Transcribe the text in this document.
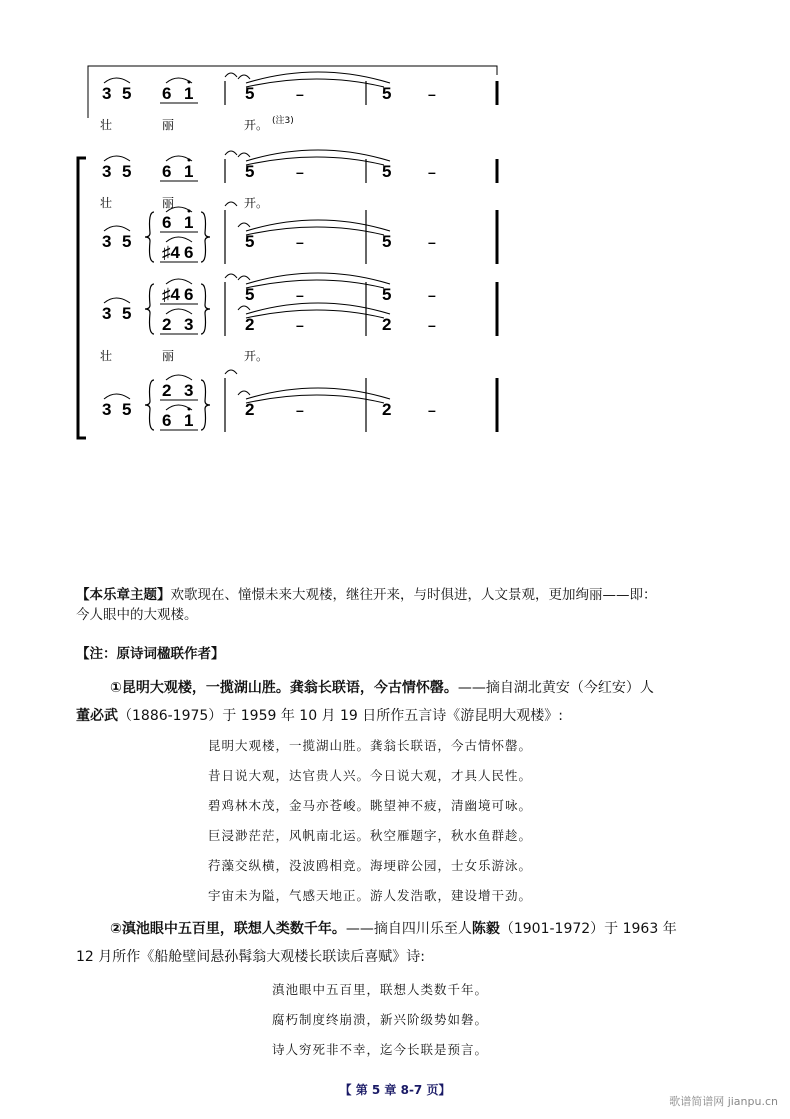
3 5 6 1	5	–	5	–
壮	丽	开。 (注3)
3 5 6 1	5	–	5	–
壮	丽	开。
3 5
6 1
♯4 6
5	–	5	–
3 5
♯4 6
2 3
5	–	5	–
2	–	2	–
壮	丽	开。
3 5
2 3
6 1
2	–	2	–
【本乐章主题】欢歌现在、憧憬未来大观楼，继往开来，与时俱进，人文景观，更加绚丽——即：
今人眼中的大观楼。
【注：原诗词楹联作者】
①昆明大观楼，一揽湖山胜。龚翁长联语，今古情怀罄。——摘自湖北黄安（今红安）人
董必武（1886-1975）于 1959 年 10 月 19 日所作五言诗《游昆明大观楼》:
昆明大观楼，一揽湖山胜。龚翁长联语，今古情怀罄。
昔日说大观，达官贵人兴。今日说大观，才具人民性。
碧鸡林木茂，金马亦苍峻。眺望神不疲，清幽境可咏。
巨浸渺茫茫，风帆南北运。秋空雁题字，秋水鱼群趁。
荇藻交纵横，没波鸥相竞。海埂辟公园，士女乐游泳。
宇宙未为隘，气感天地正。游人发浩歌，建设增干劲。
②滇池眼中五百里，联想人类数千年。——摘自四川乐至人陈毅（1901-1972）于 1963 年
12 月所作《船舱壁间悬孙髯翁大观楼长联读后喜赋》诗:
滇池眼中五百里，联想人类数千年。
腐朽制度终崩溃，新兴阶级势如磐。
诗人穷死非不幸，迄今长联是预言。
【 第 5 章 8-7 页】
歌谱简谱网 jianpu.cn
